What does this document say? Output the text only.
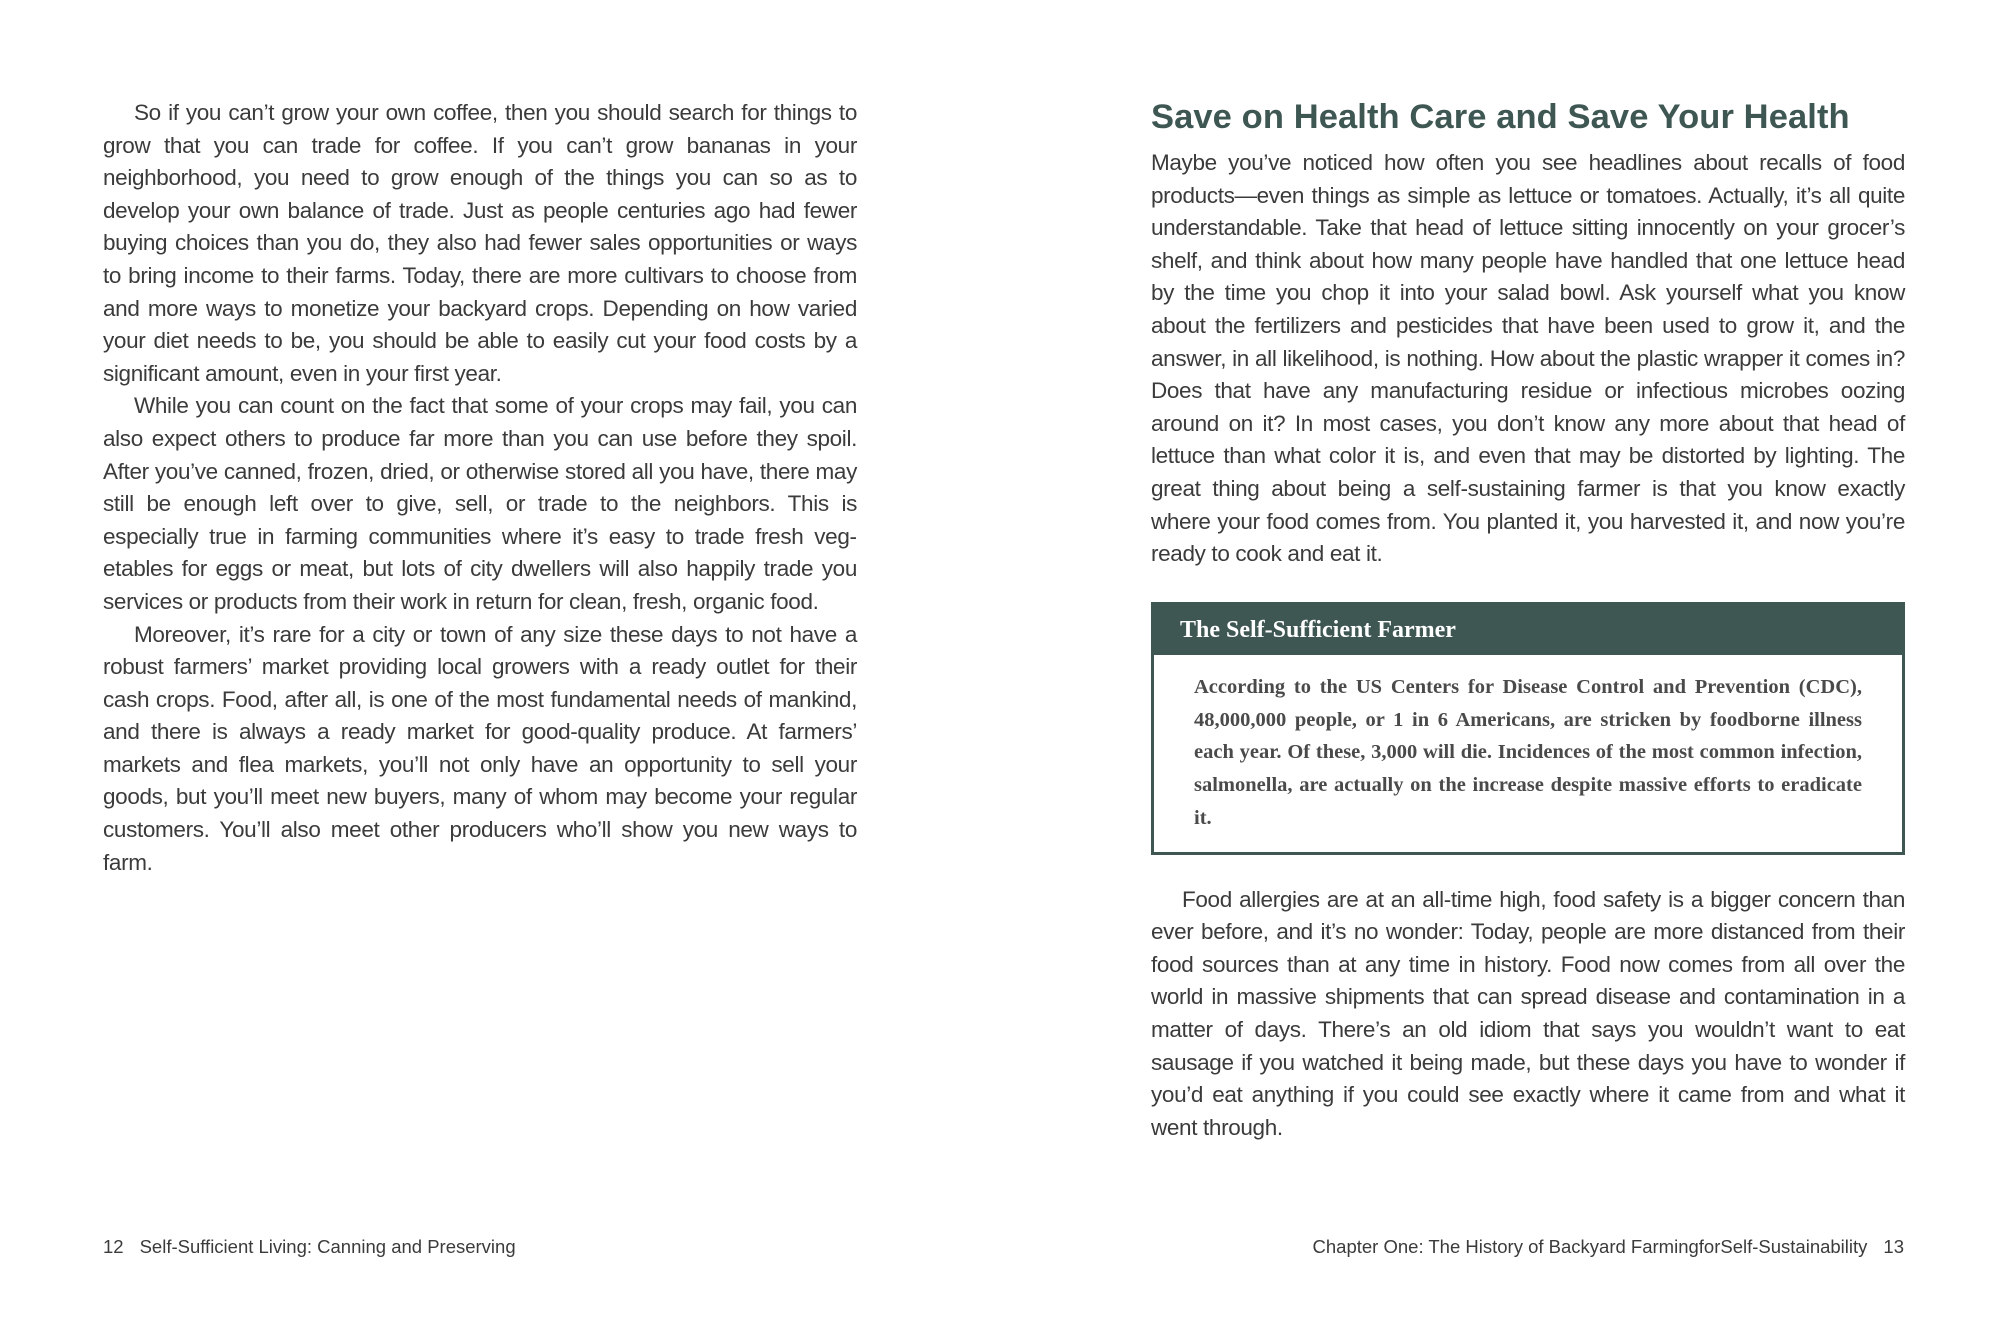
So if you can’t grow your own coffee, then you should search for things to grow that you can trade for coffee. If you can’t grow bananas in your neighborhood, you need to grow enough of the things you can so as to develop your own balance of trade. Just as people centuries ago had fewer buying choices than you do, they also had fewer sales opportunities or ways to bring income to their farms. Today, there are more cultivars to choose from and more ways to monetize your backyard crops. Depending on how varied your diet needs to be, you should be able to easily cut your food costs by a significant amount, even in your first year.

While you can count on the fact that some of your crops may fail, you can also expect others to produce far more than you can use before they spoil. After you’ve canned, frozen, dried, or otherwise stored all you have, there may still be enough left over to give, sell, or trade to the neighbors. This is especially true in farming communities where it’s easy to trade fresh vegetables for eggs or meat, but lots of city dwellers will also happily trade you services or products from their work in return for clean, fresh, organic food.

Moreover, it’s rare for a city or town of any size these days to not have a robust farmers’ market providing local growers with a ready outlet for their cash crops. Food, after all, is one of the most fundamental needs of mankind, and there is always a ready market for good-quality produce. At farmers’ markets and flea markets, you’ll not only have an opportunity to sell your goods, but you’ll meet new buyers, many of whom may become your regular customers. You’ll also meet other producers who’ll show you new ways to farm.

12 Self-Sufficient Living: Canning and Preserving
Save on Health Care and Save Your Health

Maybe you’ve noticed how often you see headlines about recalls of food products—even things as simple as lettuce or tomatoes. Actually, it’s all quite understandable. Take that head of lettuce sitting innocently on your grocer’s shelf, and think about how many people have handled that one lettuce head by the time you chop it into your salad bowl. Ask yourself what you know about the fertilizers and pesticides that have been used to grow it, and the answer, in all likelihood, is nothing. How about the plastic wrapper it comes in? Does that have any manufacturing residue or infectious microbes oozing around on it? In most cases, you don’t know any more about that head of lettuce than what color it is, and even that may be distorted by lighting. The great thing about being a self-sustaining farmer is that you know exactly where your food comes from. You planted it, you harvested it, and now you’re ready to cook and eat it.

The Self-Sufficient Farmer
According to the US Centers for Disease Control and Prevention (CDC), 48,000,000 people, or 1 in 6 Americans, are stricken by foodborne illness each year. Of these, 3,000 will die. Incidences of the most common infection, salmonella, are actually on the increase despite massive efforts to eradicate it.

Food allergies are at an all-time high, food safety is a bigger concern than ever before, and it’s no wonder: Today, people are more distanced from their food sources than at any time in history. Food now comes from all over the world in massive shipments that can spread disease and contamination in a matter of days. There’s an old idiom that says you wouldn’t want to eat sausage if you watched it being made, but these days you have to wonder if you’d eat anything if you could see exactly where it came from and what it went through.

Chapter One: The History of Backyard FarmingforSelf-Sustainability 13
